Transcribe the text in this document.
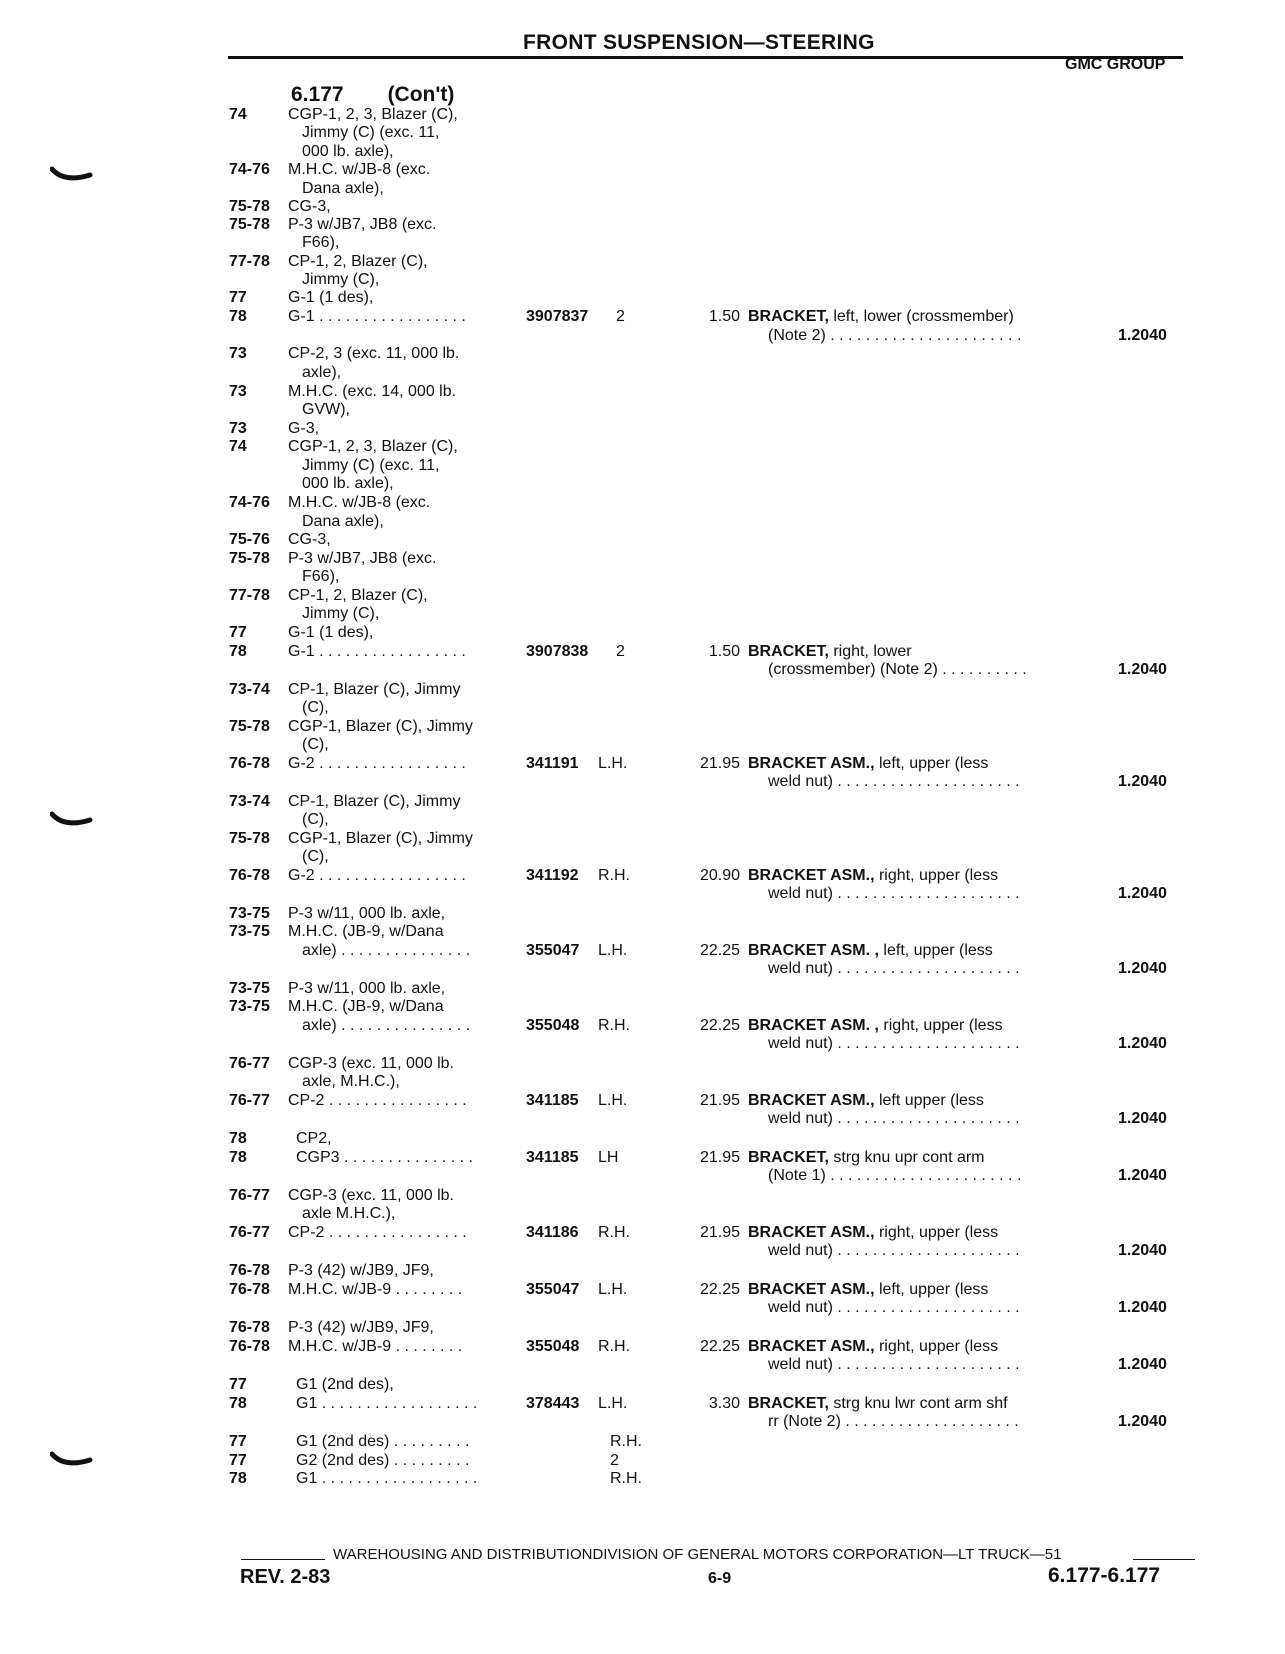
FRONT SUSPENSION—STEERING
GMC GROUP
6.177 (Con't)
74	CGP-1, 2, 3, Blazer (C),
Jimmy (C) (exc. 11,
000 lb. axle),
74-76 M.H.C. w/JB-8 (exc.
Dana axle),
75-78 CG-3,
75-78 P-3 w/JB7, JB8 (exc.
F66),
77-78 CP-1, 2, Blazer (C),
Jimmy (C),
77	G-1 (1 des),
78	G-1 . . . . . . . . . . . . . . . . .	3907837 2	1.50 BRACKET, left, lower (crossmember)
(Note 2) . . . . . . . . . . . . . . . . . . . . . .	1.2040
73	CP-2, 3 (exc. 11, 000 lb.
axle),
73	M.H.C. (exc. 14, 000 lb.
GVW),
73	G-3,
74	CGP-1, 2, 3, Blazer (C),
Jimmy (C) (exc. 11,
000 lb. axle),
74-76 M.H.C. w/JB-8 (exc.
Dana axle),
75-76 CG-3,
75-78 P-3 w/JB7, JB8 (exc.
F66),
77-78 CP-1, 2, Blazer (C),
Jimmy (C),
77	G-1 (1 des),
78	G-1 . . . . . . . . . . . . . . . . .	3907838 2	1.50 BRACKET, right, lower
(crossmember) (Note 2) . . . . . . . . . .	1.2040
73-74 CP-1, Blazer (C), Jimmy
(C),
75-78 CGP-1, Blazer (C), Jimmy
(C),
76-78 G-2 . . . . . . . . . . . . . . . . .	341191 L.H.	21.95 BRACKET ASM., left, upper (less
weld nut) . . . . . . . . . . . . . . . . . . . . .	1.2040
73-74 CP-1, Blazer (C), Jimmy
(C),
75-78 CGP-1, Blazer (C), Jimmy
(C),
76-78 G-2 . . . . . . . . . . . . . . . . .	341192 R.H.	20.90 BRACKET ASM., right, upper (less
weld nut) . . . . . . . . . . . . . . . . . . . . .	1.2040
73-75 P-3 w/11, 000 lb. axle,
73-75 M.H.C. (JB-9, w/Dana
axle) . . . . . . . . . . . . . . .	355047 L.H.	22.25 BRACKET ASM. , left, upper (less
weld nut) . . . . . . . . . . . . . . . . . . . . .	1.2040
73-75 P-3 w/11, 000 lb. axle,
73-75 M.H.C. (JB-9, w/Dana
axle) . . . . . . . . . . . . . . .	355048 R.H.	22.25 BRACKET ASM. , right, upper (less
weld nut) . . . . . . . . . . . . . . . . . . . . .	1.2040
76-77 CGP-3 (exc. 11, 000 lb.
axle, M.H.C.),
76-77 CP-2 . . . . . . . . . . . . . . . .	341185 L.H.	21.95 BRACKET ASM., left upper (less
weld nut) . . . . . . . . . . . . . . . . . . . . .	1.2040
78	CP2,
78	CGP3 . . . . . . . . . . . . . . .	341185 LH	21.95 BRACKET, strg knu upr cont arm
(Note 1) . . . . . . . . . . . . . . . . . . . . . .	1.2040
76-77 CGP-3 (exc. 11, 000 lb.
axle M.H.C.),
76-77 CP-2 . . . . . . . . . . . . . . . .	341186 R.H.	21.95 BRACKET ASM., right, upper (less
weld nut) . . . . . . . . . . . . . . . . . . . . .	1.2040
76-78 P-3 (42) w/JB9, JF9,
76-78 M.H.C. w/JB-9 . . . . . . . .	355047 L.H.	22.25 BRACKET ASM., left, upper (less
weld nut) . . . . . . . . . . . . . . . . . . . . .	1.2040
76-78 P-3 (42) w/JB9, JF9,
76-78 M.H.C. w/JB-9 . . . . . . . .	355048 R.H.	22.25 BRACKET ASM., right, upper (less
weld nut) . . . . . . . . . . . . . . . . . . . . .	1.2040
77	G1 (2nd des),
78	G1 . . . . . . . . . . . . . . . . . .	378443 L.H.	3.30 BRACKET, strg knu lwr cont arm shf
rr (Note 2) . . . . . . . . . . . . . . . . . . . .	1.2040
77	G1 (2nd des) . . . . . . . . .	R.H.
77	G2 (2nd des) . . . . . . . . .	2
78	G1 . . . . . . . . . . . . . . . . . .	R.H.
WAREHOUSING AND DISTRIBUTIONDIVISION OF GENERAL MOTORS CORPORATION—LT TRUCK—51
REV. 2-83	6-9	6.177-6.177
